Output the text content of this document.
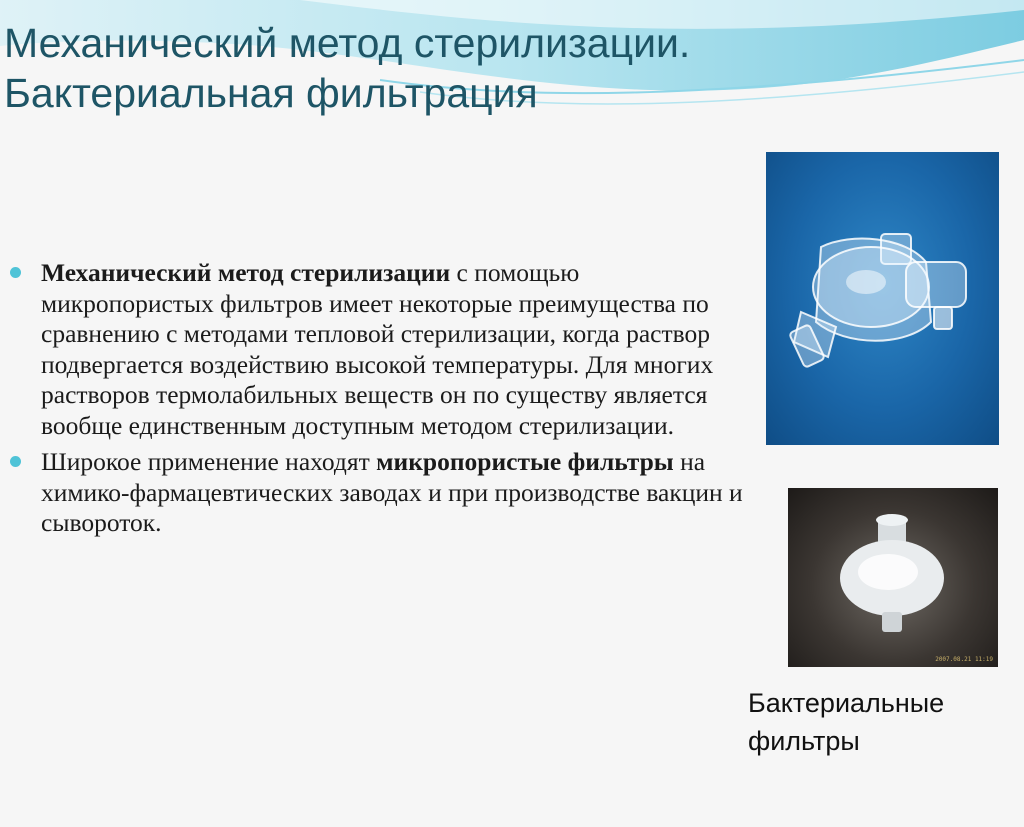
Механический метод стерилизации.
Бактериальная фильтрация
Механический метод стерилизации с помощью микропористых фильтров имеет некоторые преимущества по сравнению с методами тепловой стерилизации, когда раствор подвергается воздействию высокой температуры. Для многих растворов термолабильных веществ он по существу является вообще единственным доступным методом стерилизации.
Широкое применение находят микропористые фильтры на химико-фармацевтических заводах и при производстве вакцин и сывороток.
2007.08.21 11:19

Бактериальные
фильтры
